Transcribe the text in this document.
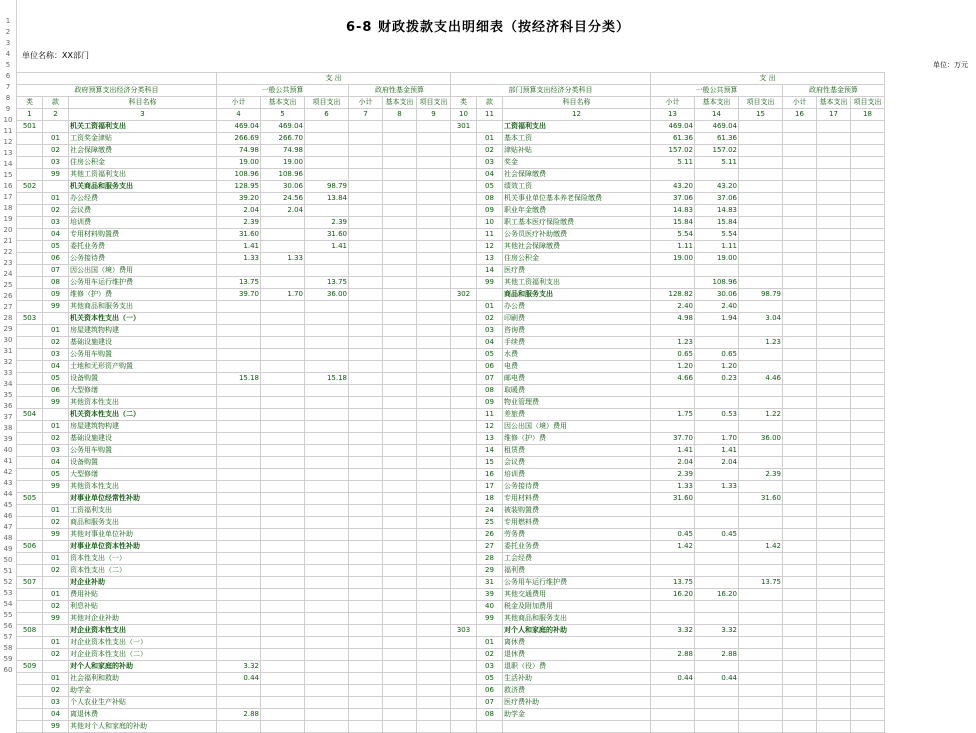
6-8 财政拨款支出明细表（按经济科目分类）
单位名称：XX部门
单位：万元
			支 出									支 出					
政府预算支出经济分类科目			一般公共预算			政府性基金预算			部门预算支出经济分类科目			一般公共预算			政府性基金预算		
类	款	科目名称	小计	基本支出	项目支出	小计	基本支出	项目支出	类	款	科目名称	小计	基本支出	项目支出	小计	基本支出	项目支出
1	2	3	4	5	6	7	8	9	10	11	12	13	14	15	16	17	18
501		机关工资福利支出	469.04	469.04					301		工资福利支出	469.04	469.04				
	01	工资奖金津贴	266.69	266.70						01	基本工资	61.36	61.36				
	02	社会保障缴费	74.98	74.98						02	津贴补贴	157.02	157.02				
	03	住房公积金	19.00	19.00						03	奖金	5.11	5.11				
	99	其他工资福利支出	108.96	108.96						04	社会保障缴费						
502		机关商品和服务支出	128.95	30.06	98.79					05	绩效工资	43.20	43.20				
	01	办公经费	39.20	24.56	13.84					08	机关事业单位基本养老保险缴费	37.06	37.06				
	02	会议费	2.04	2.04						09	职业年金缴费	14.83	14.83				
	03	培训费	2.39		2.39					10	职工基本医疗保险缴费	15.84	15.84				
	04	专用材料购置费	31.60		31.60					11	公务员医疗补助缴费	5.54	5.54				
	05	委托业务费	1.41		1.41					12	其他社会保障缴费	1.11	1.11				
	06	公务接待费	1.33	1.33						13	住房公积金	19.00	19.00				
	07	因公出国（境）费用								14	医疗费						
	08	公务用车运行维护费	13.75		13.75					99	其他工资福利支出		108.96				
	09	维修（护）费	39.70	1.70	36.00				302		商品和服务支出	128.82	30.06	98.79			
	99	其他商品和服务支出								01	办公费	2.40	2.40				
503		机关资本性支出（一）								02	印刷费	4.98	1.94	3.04			
	01	房屋建筑物构建								03	咨询费						
	02	基础设施建设								04	手续费	1.23		1.23			
	03	公务用车购置								05	水费	0.65	0.65				
	04	土地和无形资产购置								06	电费	1.20	1.20				
	05	设备购置	15.18		15.18					07	邮电费	4.66	0.23	4.46			
	06	大型修缮								08	取暖费						
	99	其他资本性支出								09	物业管理费						
504		机关资本性支出（二）								11	差旅费	1.75	0.53	1.22			
	01	房屋建筑物构建								12	因公出国（境）费用						
	02	基础设施建设								13	维修（护）费	37.70	1.70	36.00			
	03	公务用车购置								14	租赁费	1.41	1.41				
	04	设备购置								15	会议费	2.04	2.04				
	05	大型修缮								16	培训费	2.39		2.39			
	99	其他资本性支出								17	公务接待费	1.33	1.33				
505		对事业单位经常性补助								18	专用材料费	31.60		31.60			
	01	工资福利支出								24	被装购置费						
	02	商品和服务支出								25	专用燃料费						
	99	其他对事业单位补助								26	劳务费	0.45	0.45				
506		对事业单位资本性补助								27	委托业务费	1.42		1.42			
	01	资本性支出（一）								28	工会经费						
	02	资本性支出（二）								29	福利费						
507		对企业补助								31	公务用车运行维护费	13.75		13.75			
	01	费用补贴								39	其他交通费用	16.20	16.20				
	02	利息补贴								40	税金及附加费用						
	99	其他对企业补助								99	其他商品和服务支出						
508		对企业资本性支出							303		对个人和家庭的补助	3.32	3.32				
	01	对企业资本性支出（一）								01	离休费						
	02	对企业资本性支出（二）								02	退休费	2.88	2.88				
509		对个人和家庭的补助	3.32							03	退职（役）费						
	01	社会福利和救助	0.44							05	生活补助	0.44	0.44				
	02	助学金								06	救济费						
	03	个人农业生产补贴								07	医疗费补助						
	04	离退休费	2.88							08	助学金						
	99	其他对个人和家庭的补助															
1
2
3
4
5
6
7
8
9
10
11
12
13
14
15
16
17
18
19
20
21
22
23
24
25
26
27
28
29
30
31
32
33
34
35
36
37
38
39
40
41
42
43
44
45
46
47
48
49
50
51
52
53
54
55
56
57
58
59
60
